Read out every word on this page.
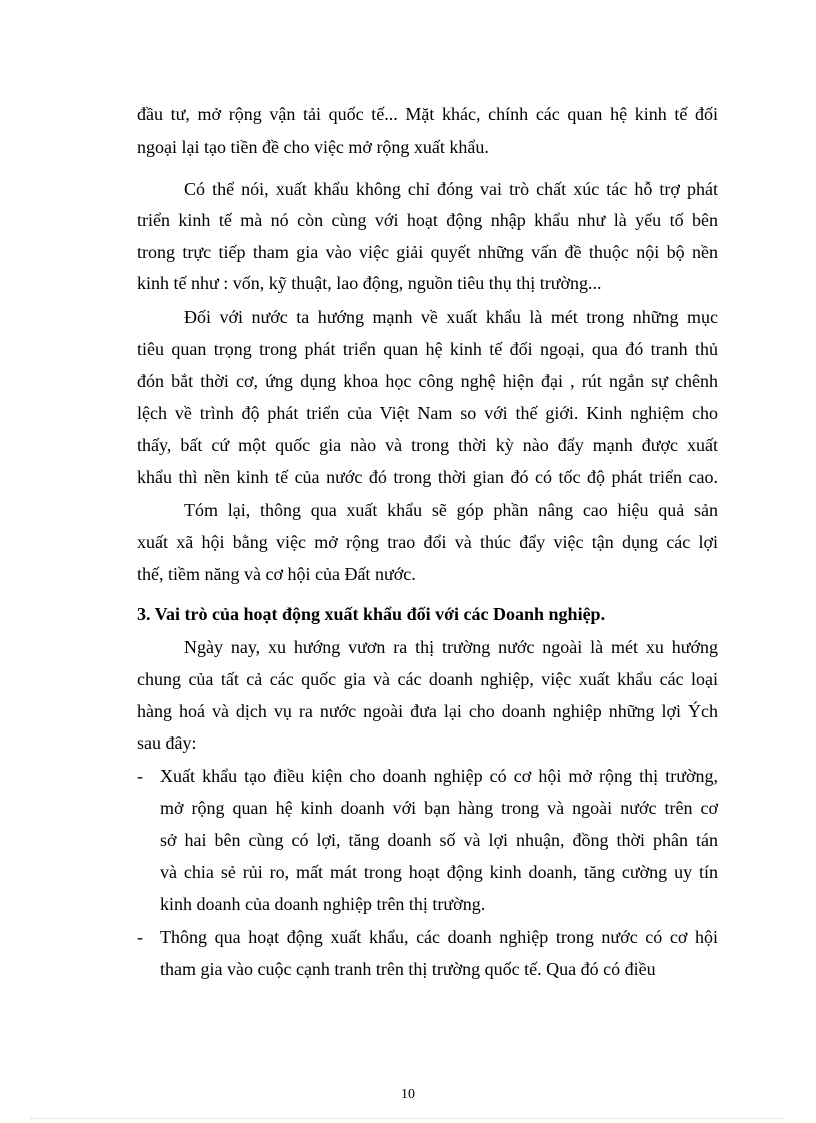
đầu tư, mở rộng vận tải quốc tế... Mặt khác, chính các quan hệ kinh tế đối
ngoại lại tạo tiền đề cho việc mở rộng xuất khẩu.
Có thể nói, xuất khẩu không chỉ đóng vai trò chất xúc tác hỗ trợ phát
triển kinh tế mà nó còn cùng với hoạt động nhập khẩu như là yếu tố bên
trong trực tiếp tham gia vào việc giải quyết những vấn đề thuộc nội bộ nền
kinh tế như : vốn, kỹ thuật, lao động, nguồn tiêu thụ thị trường...
Đối với nước ta hướng mạnh về xuất khẩu là mét trong những mục
tiêu quan trọng trong phát triển quan hệ kinh tế đối ngoại, qua đó tranh thủ
đón bắt thời cơ, ứng dụng khoa học công nghệ hiện đại , rút ngắn sự chênh
lệch về trình độ phát triển của Việt Nam so với thế giới. Kinh nghiệm cho
thấy, bất cứ một quốc gia nào và trong thời kỳ nào đẩy mạnh được xuất
khẩu thì nền kinh tế của nước đó trong thời gian đó có tốc độ phát triển cao.
Tóm lại, thông qua xuất khẩu sẽ góp phần nâng cao hiệu quả sản
xuất xã hội bằng việc mở rộng trao đổi và thúc đẩy việc tận dụng các lợi
thế, tiềm năng và cơ hội của Đất nước.
3. Vai trò của hoạt động xuất khẩu đối với các Doanh nghiệp.
Ngày nay, xu hướng vươn ra thị trường nước ngoài là mét xu hướng
chung của tất cả các quốc gia và các doanh nghiệp, việc xuất khẩu các loại
hàng hoá và dịch vụ ra nước ngoài đưa lại cho doanh nghiệp những lợi Ých
sau đây:
- Xuất khẩu tạo điều kiện cho doanh nghiệp có cơ hội mở rộng thị trường,
mở rộng quan hệ kinh doanh với bạn hàng trong và ngoài nước trên cơ
sở hai bên cùng có lợi, tăng doanh số và lợi nhuận, đồng thời phân tán
và chia sẻ rủi ro, mất mát trong hoạt động kinh doanh, tăng cường uy tín
kinh doanh của doanh nghiệp trên thị trường.
- Thông qua hoạt động xuất khẩu, các doanh nghiệp trong nước có cơ hội
tham gia vào cuộc cạnh tranh trên thị trường quốc tế. Qua đó có điều
10
